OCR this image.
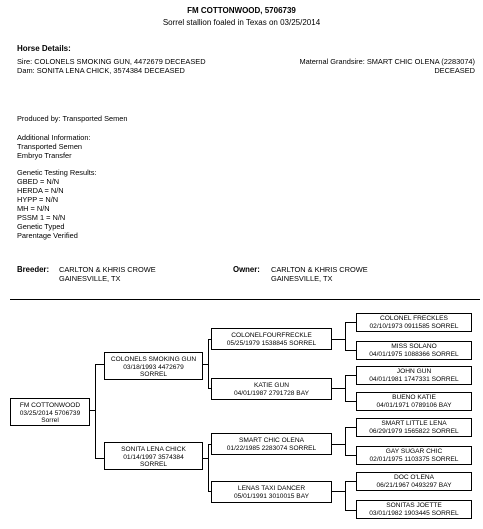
FM COTTONWOOD, 5706739
Sorrel stallion foaled in Texas on 03/25/2014
Horse Details:
Sire: COLONELS SMOKING GUN, 4472679 DECEASED
Dam: SONITA LENA CHICK, 3574384 DECEASED
Maternal Grandsire: SMART CHIC OLENA (2283074)
DECEASED
Produced by: Transported Semen
Additional Information:
Transported Semen
Embryo Transfer
Genetic Testing Results:
GBED = N/N
HERDA = N/N
HYPP = N/N
MH = N/N
PSSM 1 = N/N
Genetic Typed
Parentage Verified
Breeder: CARLTON & KHRIS CROWE
GAINESVILLE, TX
Owner: CARLTON & KHRIS CROWE
GAINESVILLE, TX
FM COTTONWOOD
03/25/2014 5706739
Sorrel
COLONELS SMOKING GUN
03/18/1993 4472679
SORREL
SONITA LENA CHICK
01/14/1997 3574384
SORREL
COLONELFOURFRECKLE
05/25/1979 1538845 SORREL
KATIE GUN
04/01/1987 2791728 BAY
SMART CHIC OLENA
01/22/1985 2283074 SORREL
LENAS TAXI DANCER
05/01/1991 3010015 BAY
COLONEL FRECKLES
02/10/1973 0911585 SORREL
MISS SOLANO
04/01/1975 1088366 SORREL
JOHN GUN
04/01/1981 1747331 SORREL
BUENO KATIE
04/01/1971 0789106 BAY
SMART LITTLE LENA
06/29/1979 1565822 SORREL
GAY SUGAR CHIC
02/01/1975 1103375 SORREL
DOC O'LENA
06/21/1967 0493297 BAY
SONITAS JOETTE
03/01/1982 1903445 SORREL
